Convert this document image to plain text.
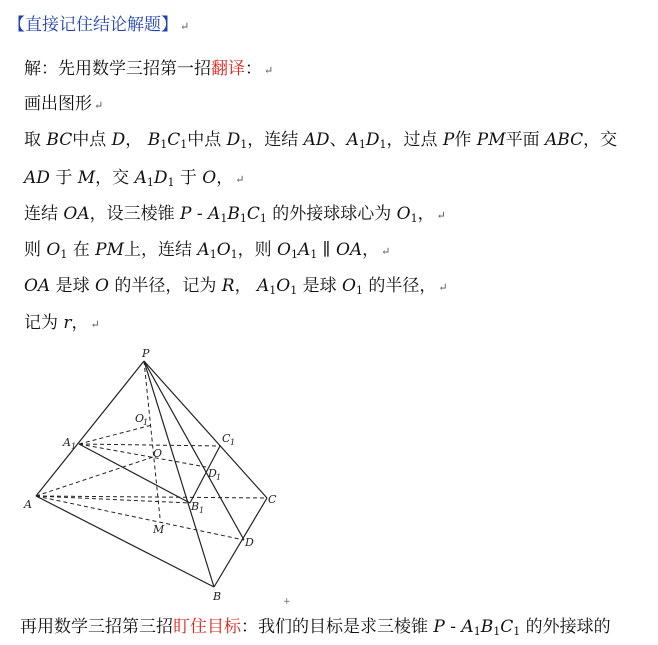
【直接记住结论解题】 ↵
解：先用数学三招第一招翻译： ↵
画出图形 ↵
取 BC中点 D， $B_1C_1$中点 $D_1$，连结 AD、$A_1D_1$，过点 P作 PM平面 ABC，交
AD 于 M，交 $A_1D_1$ 于 O， ↵
连结 OA，设三棱锥 P - $A_1B_1C_1$ 的外接球球心为 $O_1$， ↵
则 $O_1$ 在 PM上，连结 $A_1O_1$，则 $O_1A_1$ ∥ OA， ↵
OA 是球 O 的半径，记为 R， $A_1O_1$ 是球 $O_1$ 的半径， ↵
记为 r， ↵
P
A 1
C 1
O
1
O
D 1
A	B 1
C
M
D
B	+
再用数学三招第三招盯住目标：我们的目标是求三棱锥 P - $A_1B_1C_1$ 的外接球的
